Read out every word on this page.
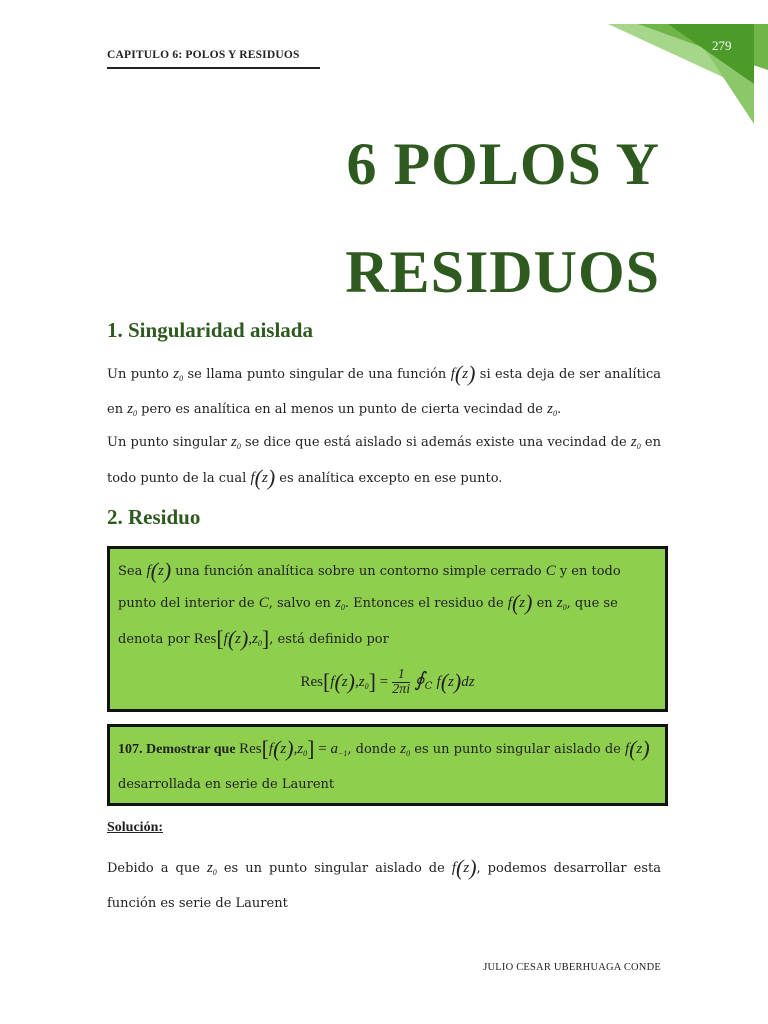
279
CAPITULO 6: POLOS Y RESIDUOS
6 POLOS Y
RESIDUOS
1. Singularidad aislada

Un punto $z_0$ se llama punto singular de una función f(z) si esta deja de ser analítica en $z_0$ pero es analítica en al menos un punto de cierta vecindad de $z_0$.

Un punto singular $z_0$ se dice que está aislado si además existe una vecindad de $z_0$ en todo punto de la cual f(z) es analítica excepto en ese punto.

2. Residuo
Sea f(z) una función analítica sobre un contorno simple cerrado C y en todo punto del interior de C, salvo en $z_0$. Entonces el residuo de f(z) en $z_0$, que se denota por $Res[f(z),z_0]$, está definido por
$Res[f(z),z_0] = \frac{1}{2\pi i}$ $∮_C$ f(z)dz
107. Demostrar que $Res[f(z),z_0] = a_{-1}$, donde $z_0$ es un punto singular aislado de f(z) desarrollada en serie de Laurent
Solución:

Debido a que $z_0$ es un punto singular aislado de f(z), podemos desarrollar esta función es serie de Laurent

JULIO CESAR UBERHUAGA CONDE
